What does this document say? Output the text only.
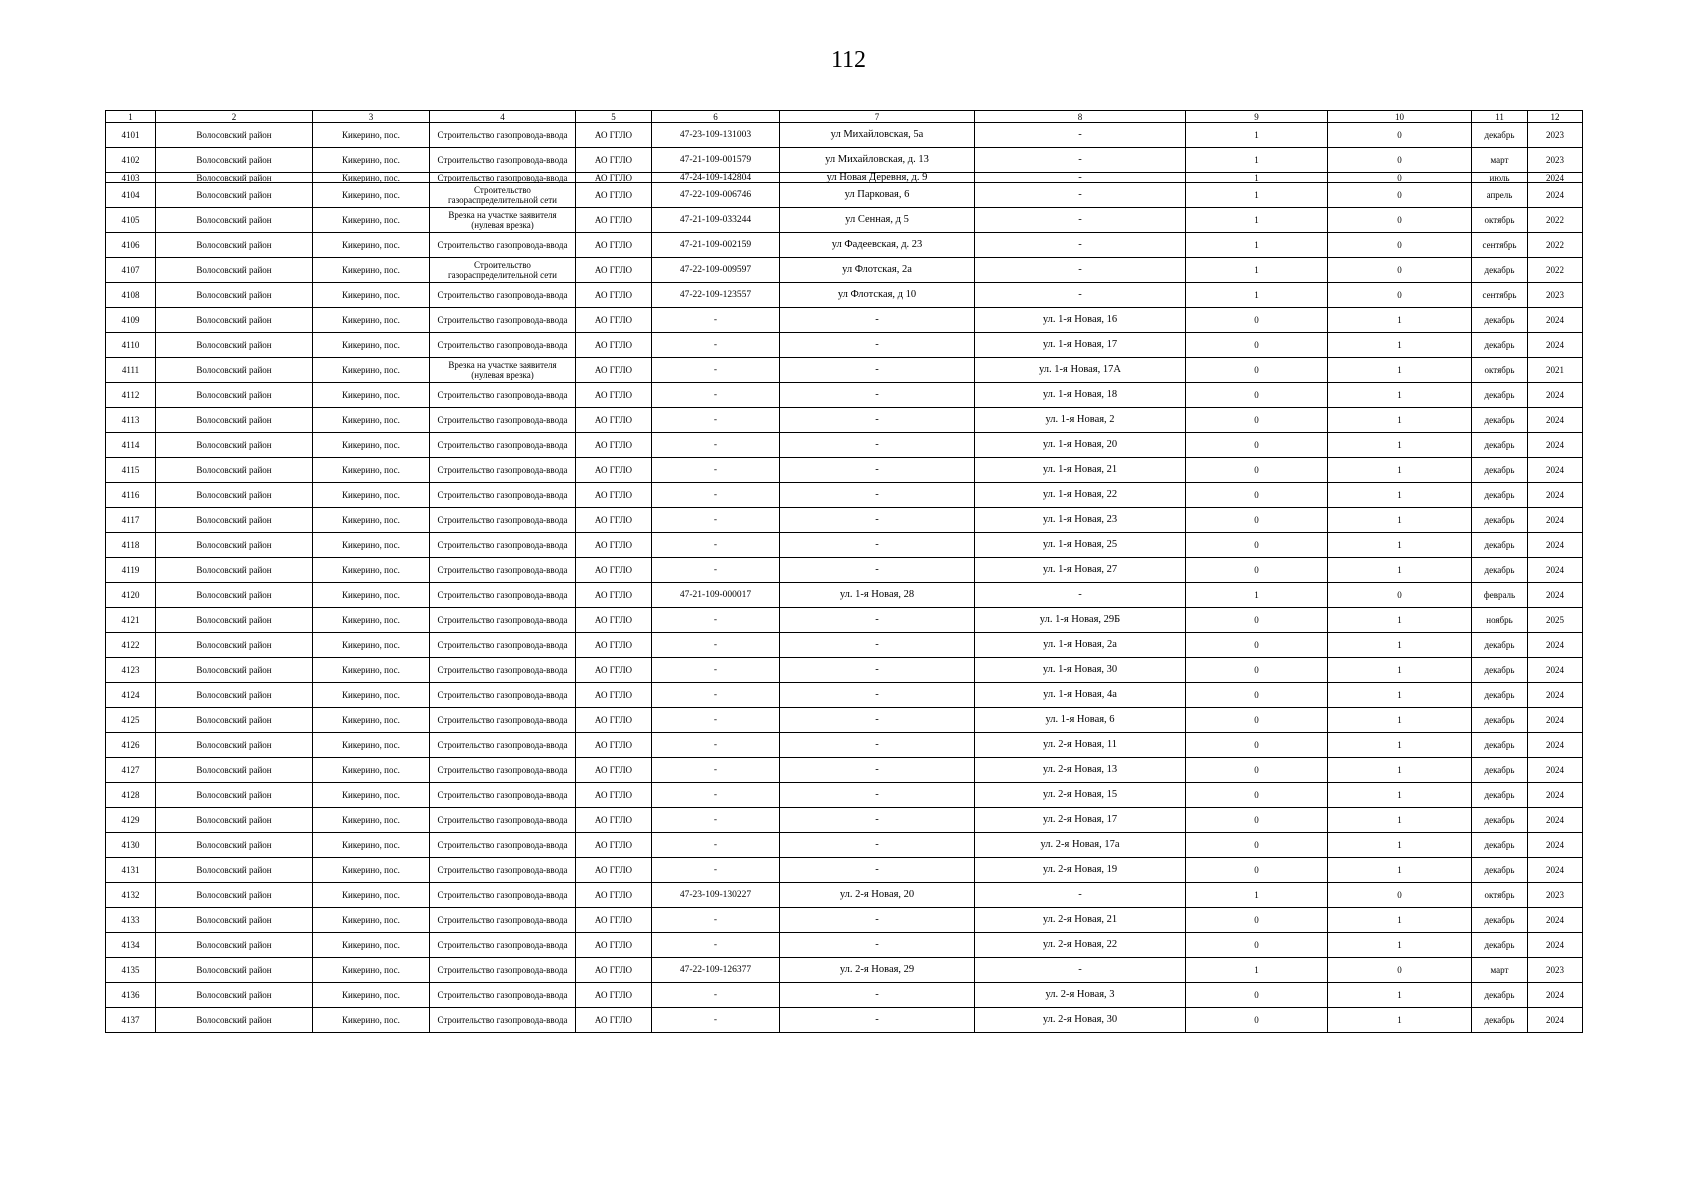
112
1	2	3	4	5	6	7	8	9	10	11	12
4101	Волосовский район	Кикерино, пос.	Строительство газопровода-ввода	АО ГГЛО	47-23-109-131003	ул Михайловская, 5а	-	1	0	декабрь	2023
4102	Волосовский район	Кикерино, пос.	Строительство газопровода-ввода	АО ГГЛО	47-21-109-001579	ул Михайловская, д. 13	-	1	0	март	2023
4103	Волосовский район	Кикерино, пос.	Строительство газопровода-ввода	АО ГГЛО	47-24-109-142804	ул Новая Деревня, д. 9	-	1	0	июль	2024
4104	Волосовский район	Кикерино, пос.	Строительство газораспределительной сети	АО ГГЛО	47-22-109-006746	ул Парковая, 6	-	1	0	апрель	2024
4105	Волосовский район	Кикерино, пос.	Врезка на участке заявителя (нулевая врезка)	АО ГГЛО	47-21-109-033244	ул Сенная, д 5	-	1	0	октябрь	2022
4106	Волосовский район	Кикерино, пос.	Строительство газопровода-ввода	АО ГГЛО	47-21-109-002159	ул Фадеевская, д. 23	-	1	0	сентябрь	2022
4107	Волосовский район	Кикерино, пос.	Строительство газораспределительной сети	АО ГГЛО	47-22-109-009597	ул Флотская, 2а	-	1	0	декабрь	2022
4108	Волосовский район	Кикерино, пос.	Строительство газопровода-ввода	АО ГГЛО	47-22-109-123557	ул Флотская, д 10	-	1	0	сентябрь	2023
4109	Волосовский район	Кикерино, пос.	Строительство газопровода-ввода	АО ГГЛО	-	-	ул. 1-я Новая, 16	0	1	декабрь	2024
4110	Волосовский район	Кикерино, пос.	Строительство газопровода-ввода	АО ГГЛО	-	-	ул. 1-я Новая, 17	0	1	декабрь	2024
4111	Волосовский район	Кикерино, пос.	Врезка на участке заявителя (нулевая врезка)	АО ГГЛО	-	-	ул. 1-я Новая, 17А	0	1	октябрь	2021
4112	Волосовский район	Кикерино, пос.	Строительство газопровода-ввода	АО ГГЛО	-	-	ул. 1-я Новая, 18	0	1	декабрь	2024
4113	Волосовский район	Кикерино, пос.	Строительство газопровода-ввода	АО ГГЛО	-	-	ул. 1-я Новая, 2	0	1	декабрь	2024
4114	Волосовский район	Кикерино, пос.	Строительство газопровода-ввода	АО ГГЛО	-	-	ул. 1-я Новая, 20	0	1	декабрь	2024
4115	Волосовский район	Кикерино, пос.	Строительство газопровода-ввода	АО ГГЛО	-	-	ул. 1-я Новая, 21	0	1	декабрь	2024
4116	Волосовский район	Кикерино, пос.	Строительство газопровода-ввода	АО ГГЛО	-	-	ул. 1-я Новая, 22	0	1	декабрь	2024
4117	Волосовский район	Кикерино, пос.	Строительство газопровода-ввода	АО ГГЛО	-	-	ул. 1-я Новая, 23	0	1	декабрь	2024
4118	Волосовский район	Кикерино, пос.	Строительство газопровода-ввода	АО ГГЛО	-	-	ул. 1-я Новая, 25	0	1	декабрь	2024
4119	Волосовский район	Кикерино, пос.	Строительство газопровода-ввода	АО ГГЛО	-	-	ул. 1-я Новая, 27	0	1	декабрь	2024
4120	Волосовский район	Кикерино, пос.	Строительство газопровода-ввода	АО ГГЛО	47-21-109-000017	ул. 1-я Новая, 28	-	1	0	февраль	2024
4121	Волосовский район	Кикерино, пос.	Строительство газопровода-ввода	АО ГГЛО	-	-	ул. 1-я Новая, 29Б	0	1	ноябрь	2025
4122	Волосовский район	Кикерино, пос.	Строительство газопровода-ввода	АО ГГЛО	-	-	ул. 1-я Новая, 2а	0	1	декабрь	2024
4123	Волосовский район	Кикерино, пос.	Строительство газопровода-ввода	АО ГГЛО	-	-	ул. 1-я Новая, 30	0	1	декабрь	2024
4124	Волосовский район	Кикерино, пос.	Строительство газопровода-ввода	АО ГГЛО	-	-	ул. 1-я Новая, 4а	0	1	декабрь	2024
4125	Волосовский район	Кикерино, пос.	Строительство газопровода-ввода	АО ГГЛО	-	-	ул. 1-я Новая, 6	0	1	декабрь	2024
4126	Волосовский район	Кикерино, пос.	Строительство газопровода-ввода	АО ГГЛО	-	-	ул. 2-я Новая, 11	0	1	декабрь	2024
4127	Волосовский район	Кикерино, пос.	Строительство газопровода-ввода	АО ГГЛО	-	-	ул. 2-я Новая, 13	0	1	декабрь	2024
4128	Волосовский район	Кикерино, пос.	Строительство газопровода-ввода	АО ГГЛО	-	-	ул. 2-я Новая, 15	0	1	декабрь	2024
4129	Волосовский район	Кикерино, пос.	Строительство газопровода-ввода	АО ГГЛО	-	-	ул. 2-я Новая, 17	0	1	декабрь	2024
4130	Волосовский район	Кикерино, пос.	Строительство газопровода-ввода	АО ГГЛО	-	-	ул. 2-я Новая, 17а	0	1	декабрь	2024
4131	Волосовский район	Кикерино, пос.	Строительство газопровода-ввода	АО ГГЛО	-	-	ул. 2-я Новая, 19	0	1	декабрь	2024
4132	Волосовский район	Кикерино, пос.	Строительство газопровода-ввода	АО ГГЛО	47-23-109-130227	ул. 2-я Новая, 20	-	1	0	октябрь	2023
4133	Волосовский район	Кикерино, пос.	Строительство газопровода-ввода	АО ГГЛО	-	-	ул. 2-я Новая, 21	0	1	декабрь	2024
4134	Волосовский район	Кикерино, пос.	Строительство газопровода-ввода	АО ГГЛО	-	-	ул. 2-я Новая, 22	0	1	декабрь	2024
4135	Волосовский район	Кикерино, пос.	Строительство газопровода-ввода	АО ГГЛО	47-22-109-126377	ул. 2-я Новая, 29	-	1	0	март	2023
4136	Волосовский район	Кикерино, пос.	Строительство газопровода-ввода	АО ГГЛО	-	-	ул. 2-я Новая, 3	0	1	декабрь	2024
4137	Волосовский район	Кикерино, пос.	Строительство газопровода-ввода	АО ГГЛО	-	-	ул. 2-я Новая, 30	0	1	декабрь	2024
